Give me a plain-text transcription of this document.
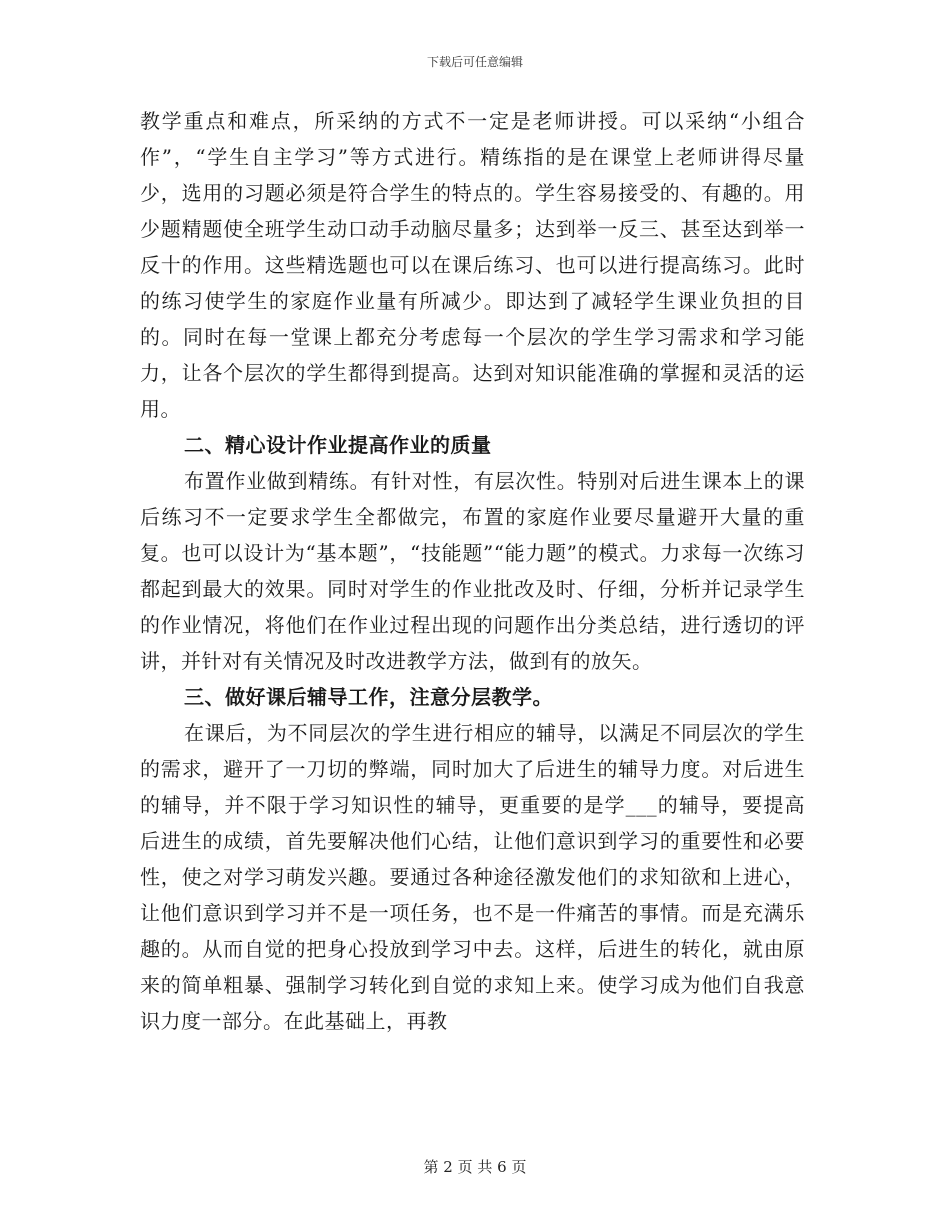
下载后可任意编辑

教学重点和难点，所采纳的方式不一定是老师讲授。可以采纳“小组合作”，“学生自主学习”等方式进行。精练指的是在课堂上老师讲得尽量少，选用的习题必须是符合学生的特点的。学生容易接受的、有趣的。用少题精题使全班学生动口动手动脑尽量多；达到举一反三、甚至达到举一反十的作用。这些精选题也可以在课后练习、也可以进行提高练习。此时的练习使学生的家庭作业量有所减少。即达到了减轻学生课业负担的目的。同时在每一堂课上都充分考虑每一个层次的学生学习需求和学习能力，让各个层次的学生都得到提高。达到对知识能准确的掌握和灵活的运用。

二、精心设计作业提高作业的质量

布置作业做到精练。有针对性，有层次性。特别对后进生课本上的课后练习不一定要求学生全都做完，布置的家庭作业要尽量避开大量的重复。也可以设计为“基本题”，“技能题”“能力题”的模式。力求每一次练习都起到最大的效果。同时对学生的作业批改及时、仔细，分析并记录学生的作业情况，将他们在作业过程出现的问题作出分类总结，进行透切的评讲，并针对有关情况及时改进教学方法，做到有的放矢。

三、做好课后辅导工作，注意分层教学。

在课后，为不同层次的学生进行相应的辅导，以满足不同层次的学生的需求，避开了一刀切的弊端，同时加大了后进生的辅导力度。对后进生的辅导，并不限于学习知识性的辅导，更重要的是学___的辅导，要提高后进生的成绩，首先要解决他们心结，让他们意识到学习的重要性和必要性，使之对学习萌发兴趣。要通过各种途径激发他们的求知欲和上进心，让他们意识到学习并不是一项任务，也不是一件痛苦的事情。而是充满乐趣的。从而自觉的把身心投放到学习中去。这样，后进生的转化，就由原来的简单粗暴、强制学习转化到自觉的求知上来。使学习成为他们自我意识力度一部分。在此基础上，再教

第 2 页 共 6 页
